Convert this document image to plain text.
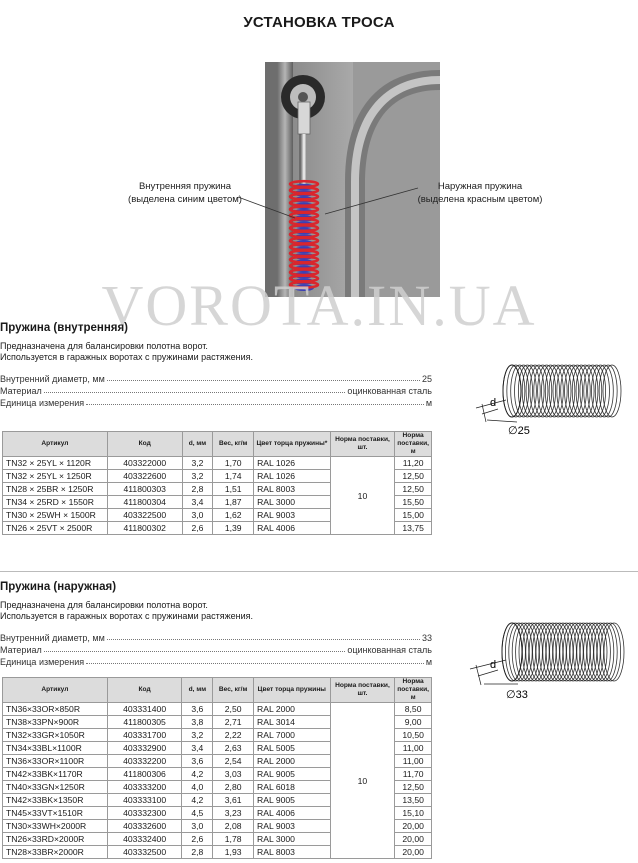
УСТАНОВКА ТРОСА
Внутренняя пружина
(выделена синим цветом)
Наружная пружина
(выделена красным цветом)
VOROTA.IN.UA
Пружина (внутренняя)
Предназначена для балансировки полотна ворот.
Используется в гаражных воротах с пружинами растяжения.
Внутренний диаметр, мм	25
Материал	оцинкованная сталь
Единица измерения	м	d
∅25
Артикул	Код	d, мм	Вес, кг/м	Цвет торца пружины*	Норма поставки, шт.	Норма поставки, м
TN32 × 25YL × 1120R	403322000	3,2	1,70	RAL 1026	10	11,20
TN32 × 25YL × 1250R	403322600	3,2	1,74	RAL 1026		12,50
TN28 × 25BR × 1250R	411800303	2,8	1,51	RAL 8003		12,50
TN34 × 25RD × 1550R	411800304	3,4	1,87	RAL 3000		15,50
TN30 × 25WH × 1500R	403322500	3,0	1,62	RAL 9003		15,00
TN26 × 25VT × 2500R	411800302	2,6	1,39	RAL 4006		13,75
Пружина (наружная)
Предназначена для балансировки полотна ворот.
Используется в гаражных воротах с пружинами растяжения.
Внутренний диаметр, мм	33
Материал	оцинкованная сталь
Единица измерения	м	d
∅33
Артикул	Код	d, мм	Вес, кг/м	Цвет торца пружины	Норма поставки, шт.	Норма поставки, м
TN36×33OR×850R	403331400	3,6	2,50	RAL 2000	10	8,50
TN38×33PN×900R	411800305	3,8	2,71	RAL 3014		9,00
TN32×33GR×1050R	403331700	3,2	2,22	RAL 7000		10,50
TN34×33BL×1100R	403332900	3,4	2,63	RAL 5005		11,00
TN36×33OR×1100R	403332200	3,6	2,54	RAL 2000		11,00
TN42×33BK×1170R	411800306	4,2	3,03	RAL 9005		11,70
TN40×33GN×1250R	403333200	4,0	2,80	RAL 6018		12,50
TN42×33BK×1350R	403333100	4,2	3,61	RAL 9005		13,50
TN45×33VT×1510R	403332300	4,5	3,23	RAL 4006		15,10
TN30×33WH×2000R	403332600	3,0	2,08	RAL 9003		20,00
TN26×33RD×2000R	403332400	2,6	1,78	RAL 3000		20,00
TN28×33BR×2000R	403332500	2,8	1,93	RAL 8003		20,00
